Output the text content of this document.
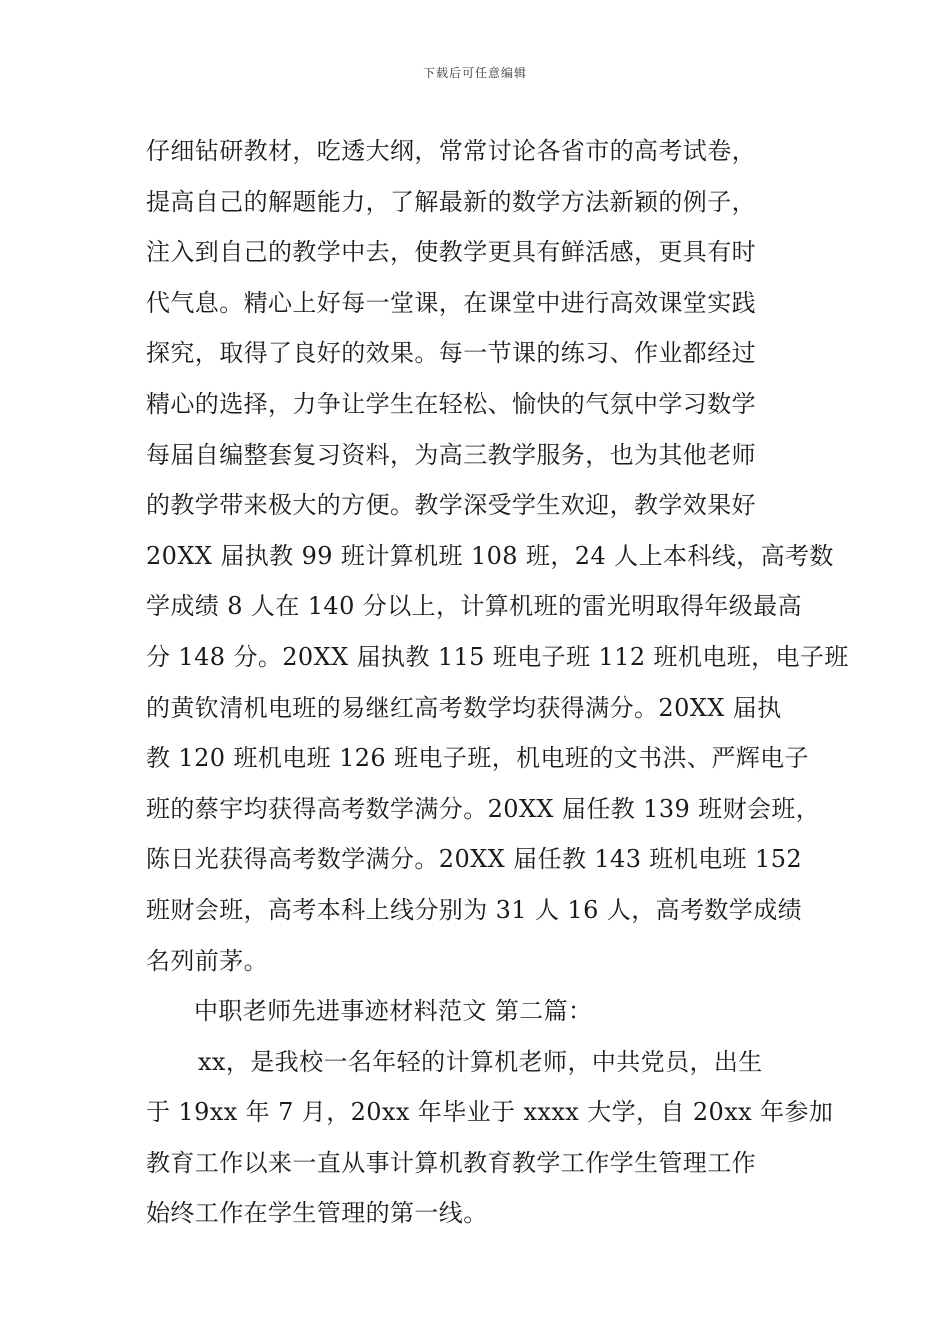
下载后可任意编辑
仔细钻研教材，吃透大纲，常常讨论各省市的高考试卷，
提高自己的解题能力，了解最新的数学方法新颖的例子，
注入到自己的教学中去，使教学更具有鲜活感，更具有时
代气息。精心上好每一堂课，在课堂中进行高效课堂实践
探究，取得了良好的效果。每一节课的练习、作业都经过
精心的选择，力争让学生在轻松、愉快的气氛中学习数学
每届自编整套复习资料，为高三教学服务，也为其他老师
的教学带来极大的方便。教学深受学生欢迎，教学效果好
20XX 届执教 99 班计算机班 108 班，24 人上本科线，高考数
学成绩 8 人在 140 分以上，计算机班的雷光明取得年级最高
分 148 分。20XX 届执教 115 班电子班 112 班机电班，电子班
的黄钦清机电班的易继红高考数学均获得满分。20XX 届执
教 120 班机电班 126 班电子班，机电班的文书洪、严辉电子
班的蔡宇均获得高考数学满分。20XX 届任教 139 班财会班，
陈日光获得高考数学满分。20XX 届任教 143 班机电班 152
班财会班，高考本科上线分别为 31 人 16 人，高考数学成绩
名列前茅。
中职老师先进事迹材料范文 第二篇：
xx，是我校一名年轻的计算机老师，中共党员，出生
于 19xx 年 7 月，20xx 年毕业于 xxxx 大学，自 20xx 年参加
教育工作以来一直从事计算机教育教学工作学生管理工作
始终工作在学生管理的第一线。
